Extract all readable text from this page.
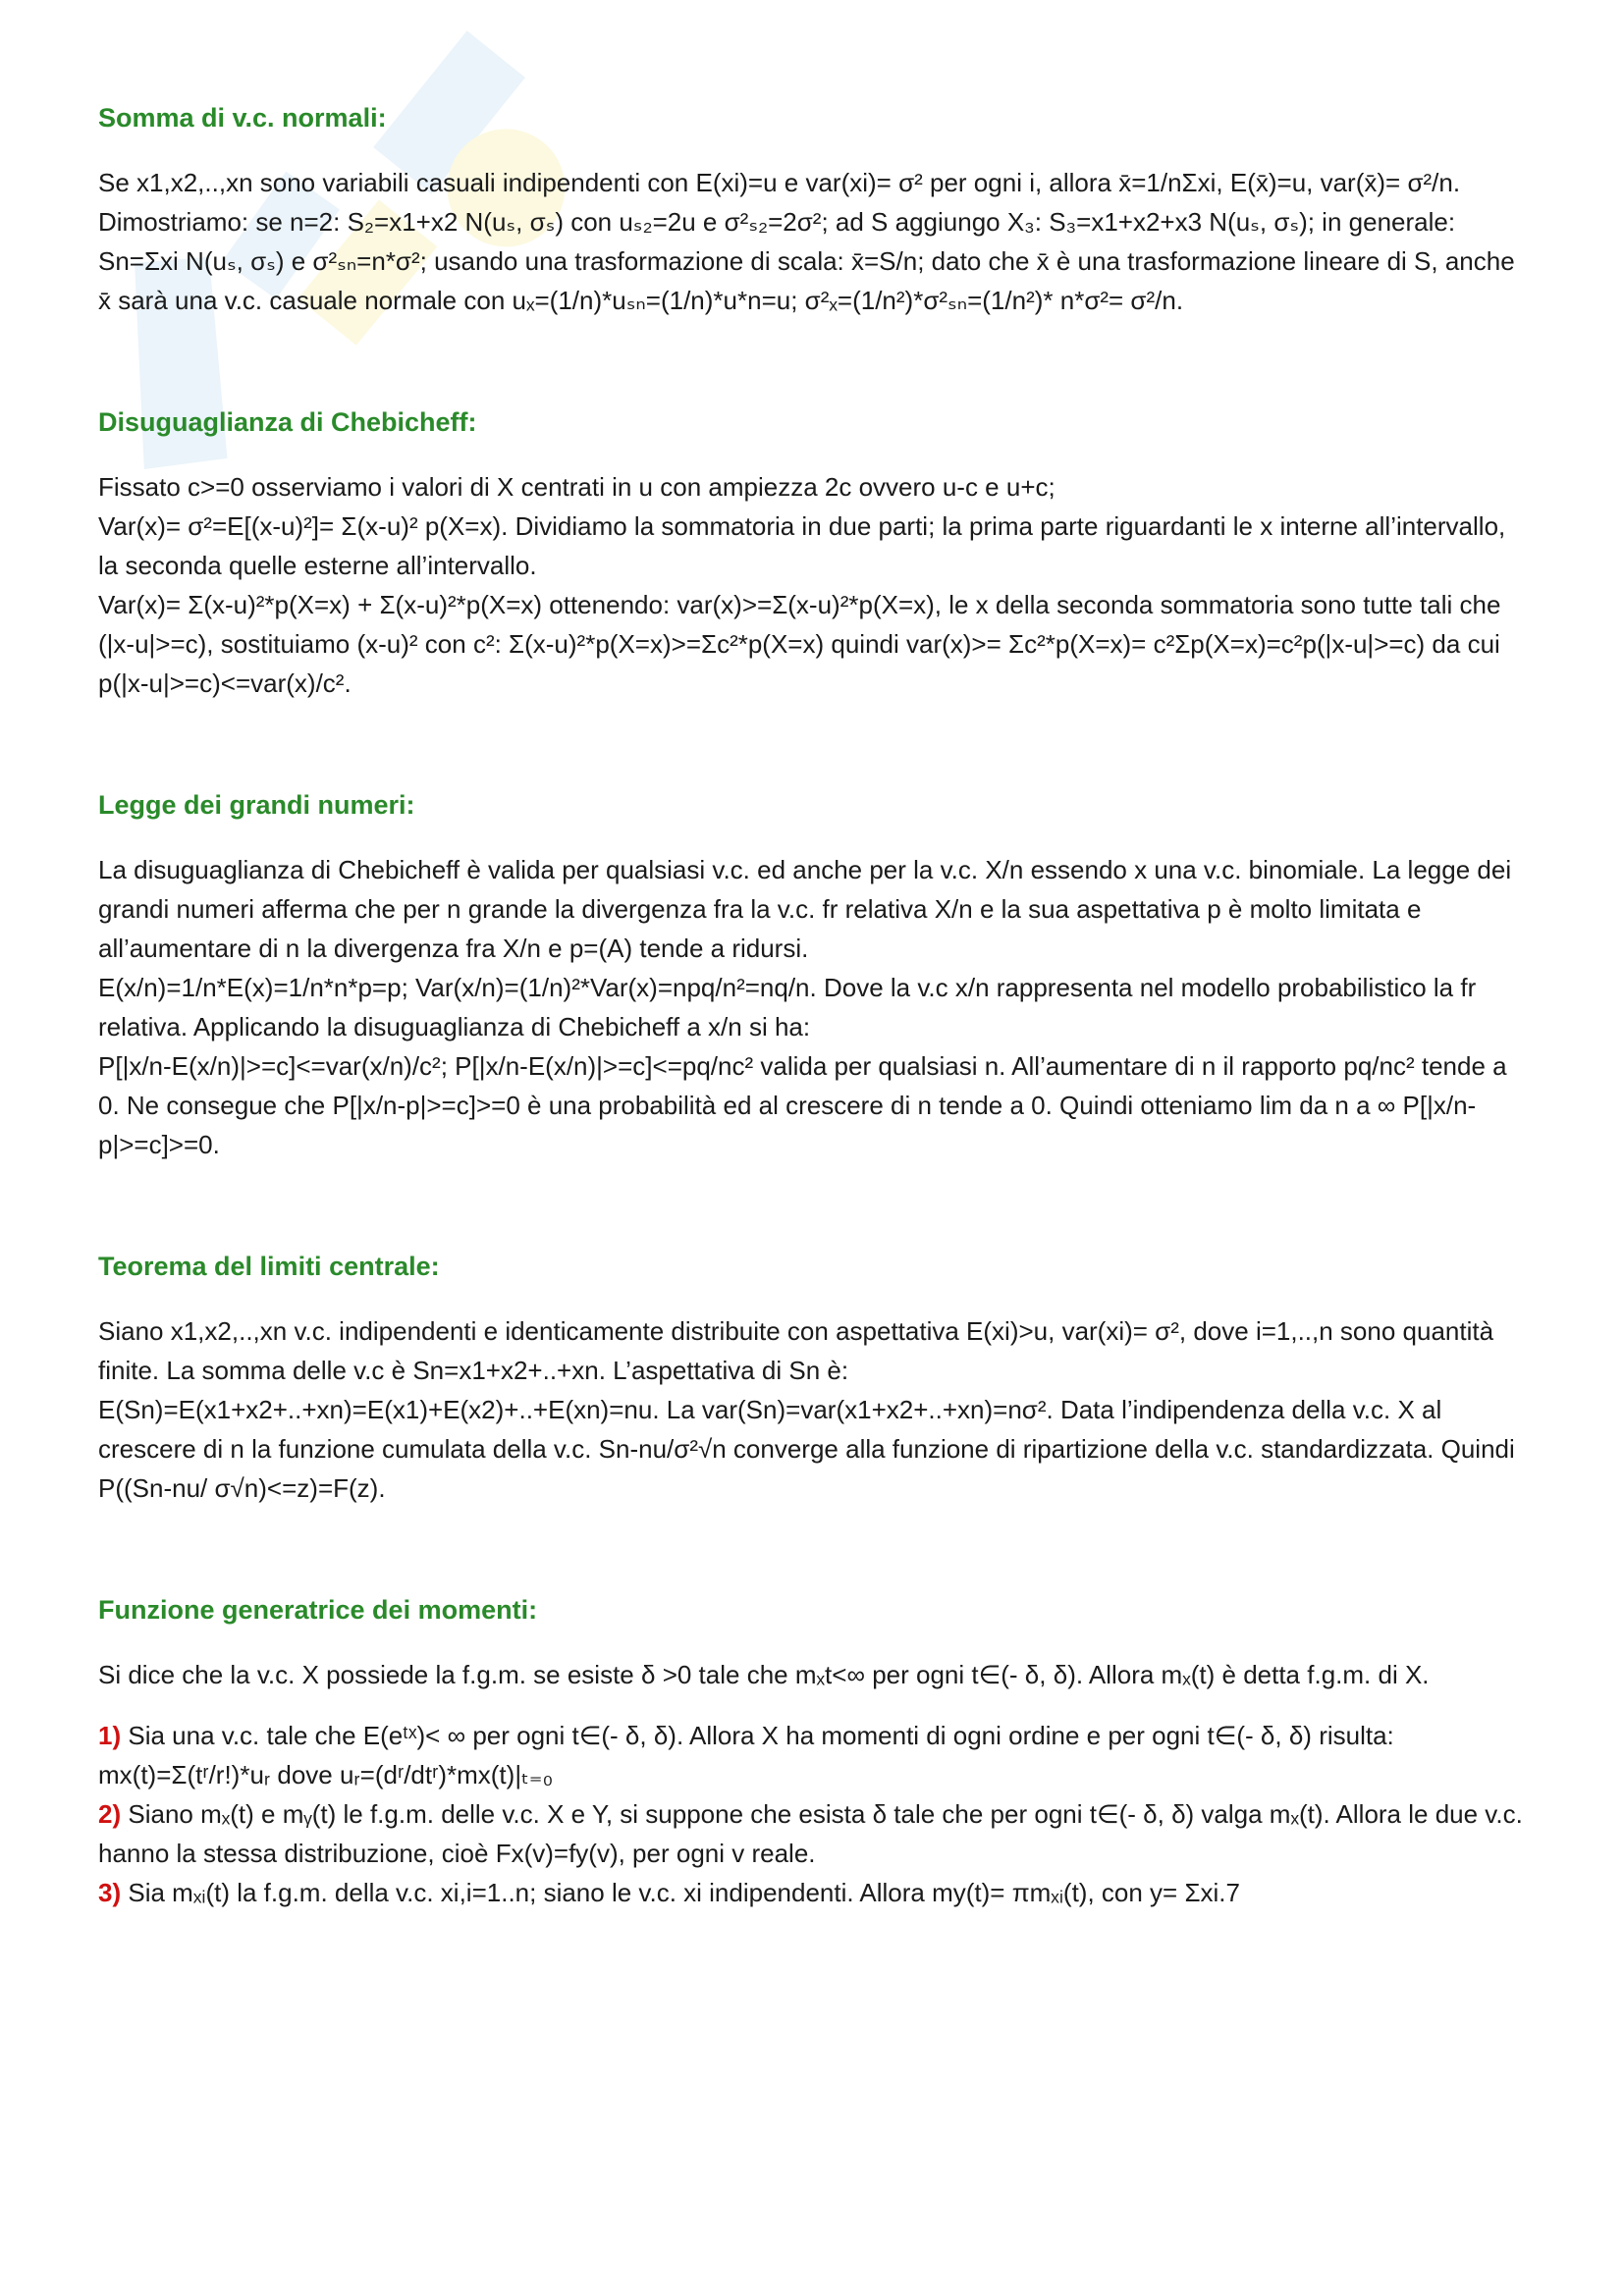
Somma di v.c. normali:

Se x1,x2,..,xn sono variabili casuali indipendenti con E(xi)=u e var(xi)= σ² per ogni i, allora x̄=1/nΣxi, E(x̄)=u, var(x̄)= σ²/n.

Dimostriamo: se n=2: S₂=x1+x2 N(uₛ, σₛ) con uₛ₂=2u e σ²ₛ₂=2σ²; ad S aggiungo X₃: S₃=x1+x2+x3 N(uₛ, σₛ); in generale: Sn=Σxi N(uₛ, σₛ) e σ²ₛₙ=n*σ²; usando una trasformazione di scala: x̄=S/n; dato che x̄ è una trasformazione lineare di S, anche x̄ sarà una v.c. casuale normale con uₓ=(1/n)*uₛₙ=(1/n)*u*n=u; σ²ₓ=(1/n²)*σ²ₛₙ=(1/n²)* n*σ²= σ²/n.

Disuguaglianza di Chebicheff:

Fissato c>=0 osserviamo i valori di X centrati in u con ampiezza 2c ovvero u-c e u+c;

Var(x)= σ²=E[(x-u)²]= Σ(x-u)² p(X=x). Dividiamo la sommatoria in due parti; la prima parte riguardanti le x interne all’intervallo, la seconda quelle esterne all’intervallo.

Var(x)= Σ(x-u)²*p(X=x) + Σ(x-u)²*p(X=x) ottenendo: var(x)>=Σ(x-u)²*p(X=x), le x della seconda sommatoria sono tutte tali che (|x-u|>=c), sostituiamo (x-u)² con c²: Σ(x-u)²*p(X=x)>=Σc²*p(X=x) quindi var(x)>= Σc²*p(X=x)= c²Σp(X=x)=c²p(|x-u|>=c) da cui p(|x-u|>=c)<=var(x)/c².

Legge dei grandi numeri:

La disuguaglianza di Chebicheff è valida per qualsiasi v.c. ed anche per la v.c. X/n essendo x una v.c. binomiale. La legge dei grandi numeri afferma che per n grande la divergenza fra la v.c. fr relativa X/n e la sua aspettativa p è molto limitata e all’aumentare di n la divergenza fra X/n e p=(A) tende a ridursi.

E(x/n)=1/n*E(x)=1/n*n*p=p; Var(x/n)=(1/n)²*Var(x)=npq/n²=nq/n. Dove la v.c x/n rappresenta nel modello probabilistico la fr relativa. Applicando la disuguaglianza di Chebicheff a x/n si ha:

P[|x/n-E(x/n)|>=c]<=var(x/n)/c²; P[|x/n-E(x/n)|>=c]<=pq/nc² valida per qualsiasi n. All’aumentare di n il rapporto pq/nc² tende a 0. Ne consegue che P[|x/n-p|>=c]>=0 è una probabilità ed al crescere di n tende a 0. Quindi otteniamo lim da n a ∞ P[|x/n-p|>=c]>=0.

Teorema del limiti centrale:

Siano x1,x2,..,xn v.c. indipendenti e identicamente distribuite con aspettativa E(xi)>u, var(xi)= σ², dove i=1,..,n sono quantità finite. La somma delle v.c è Sn=x1+x2+..+xn. L’aspettativa di Sn è:

E(Sn)=E(x1+x2+..+xn)=E(x1)+E(x2)+..+E(xn)=nu. La var(Sn)=var(x1+x2+..+xn)=nσ². Data l’indipendenza della v.c. X al crescere di n la funzione cumulata della v.c. Sn-nu/σ²√n converge alla funzione di ripartizione della v.c. standardizzata. Quindi P((Sn-nu/ σ√n)<=z)=F(z).

Funzione generatrice dei momenti:

Si dice che la v.c. X possiede la f.g.m. se esiste δ >0 tale che mₓt<∞ per ogni t∈(- δ, δ). Allora mₓ(t) è detta f.g.m. di X.

1) Sia una v.c. tale che E(eᵗˣ)< ∞ per ogni t∈(- δ, δ). Allora X ha momenti di ogni ordine e per ogni t∈(- δ, δ) risulta: mx(t)=Σ(tʳ/r!)*uᵣ dove uᵣ=(dʳ/dtʳ)*mx(t)|ₜ₌₀

2) Siano mₓ(t) e mᵧ(t) le f.g.m. delle v.c. X e Y, si suppone che esista δ tale che per ogni t∈(- δ, δ) valga mₓ(t). Allora le due v.c. hanno la stessa distribuzione, cioè Fx(v)=fy(v), per ogni v reale.

3) Sia mₓᵢ(t) la f.g.m. della v.c. xi,i=1..n; siano le v.c. xi indipendenti. Allora my(t)= πmₓᵢ(t), con y= Σxi.7
